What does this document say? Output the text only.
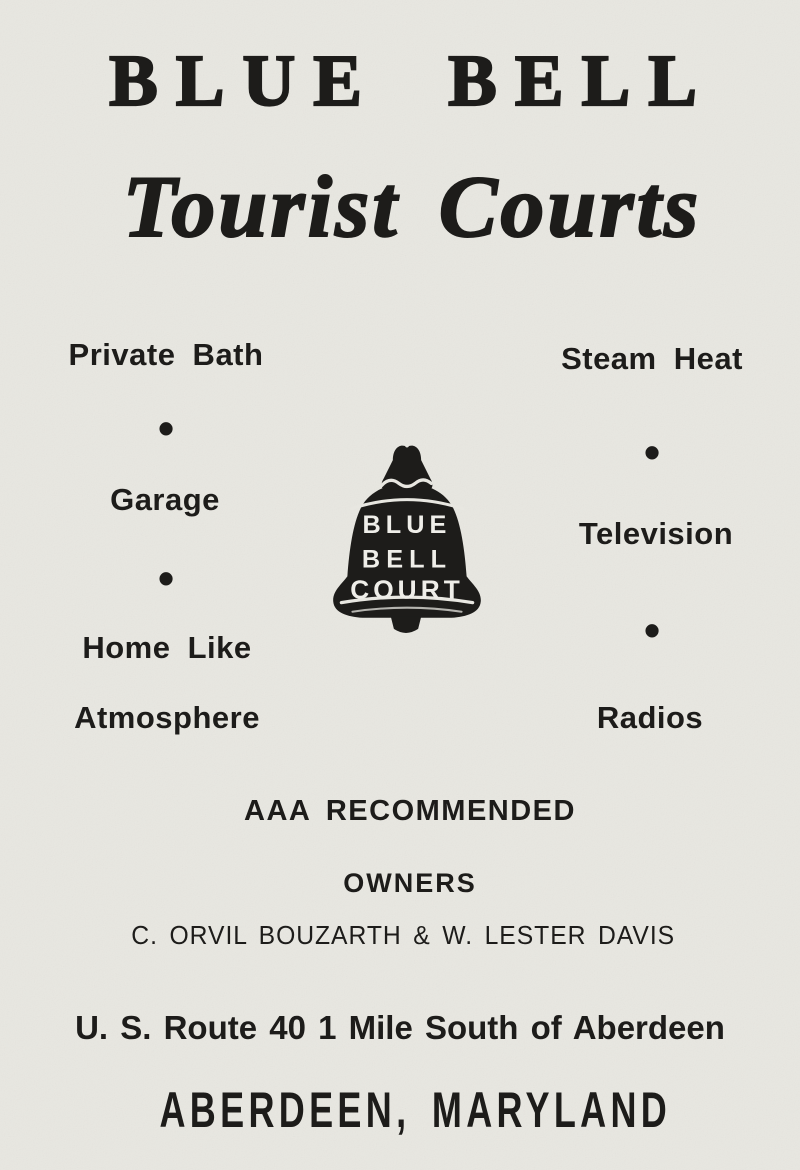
BLUE BELL
Tourist Courts
Private Bath
•
Garage
•
Home Like
Atmosphere
Steam Heat
•
Television
•
Radios
BLUE
BELL
COURT
AAA RECOMMENDED
OWNERS
C. ORVIL BOUZARTH & W. LESTER DAVIS
U. S. Route 40 1 Mile South of Aberdeen
ABERDEEN, MARYLAND
